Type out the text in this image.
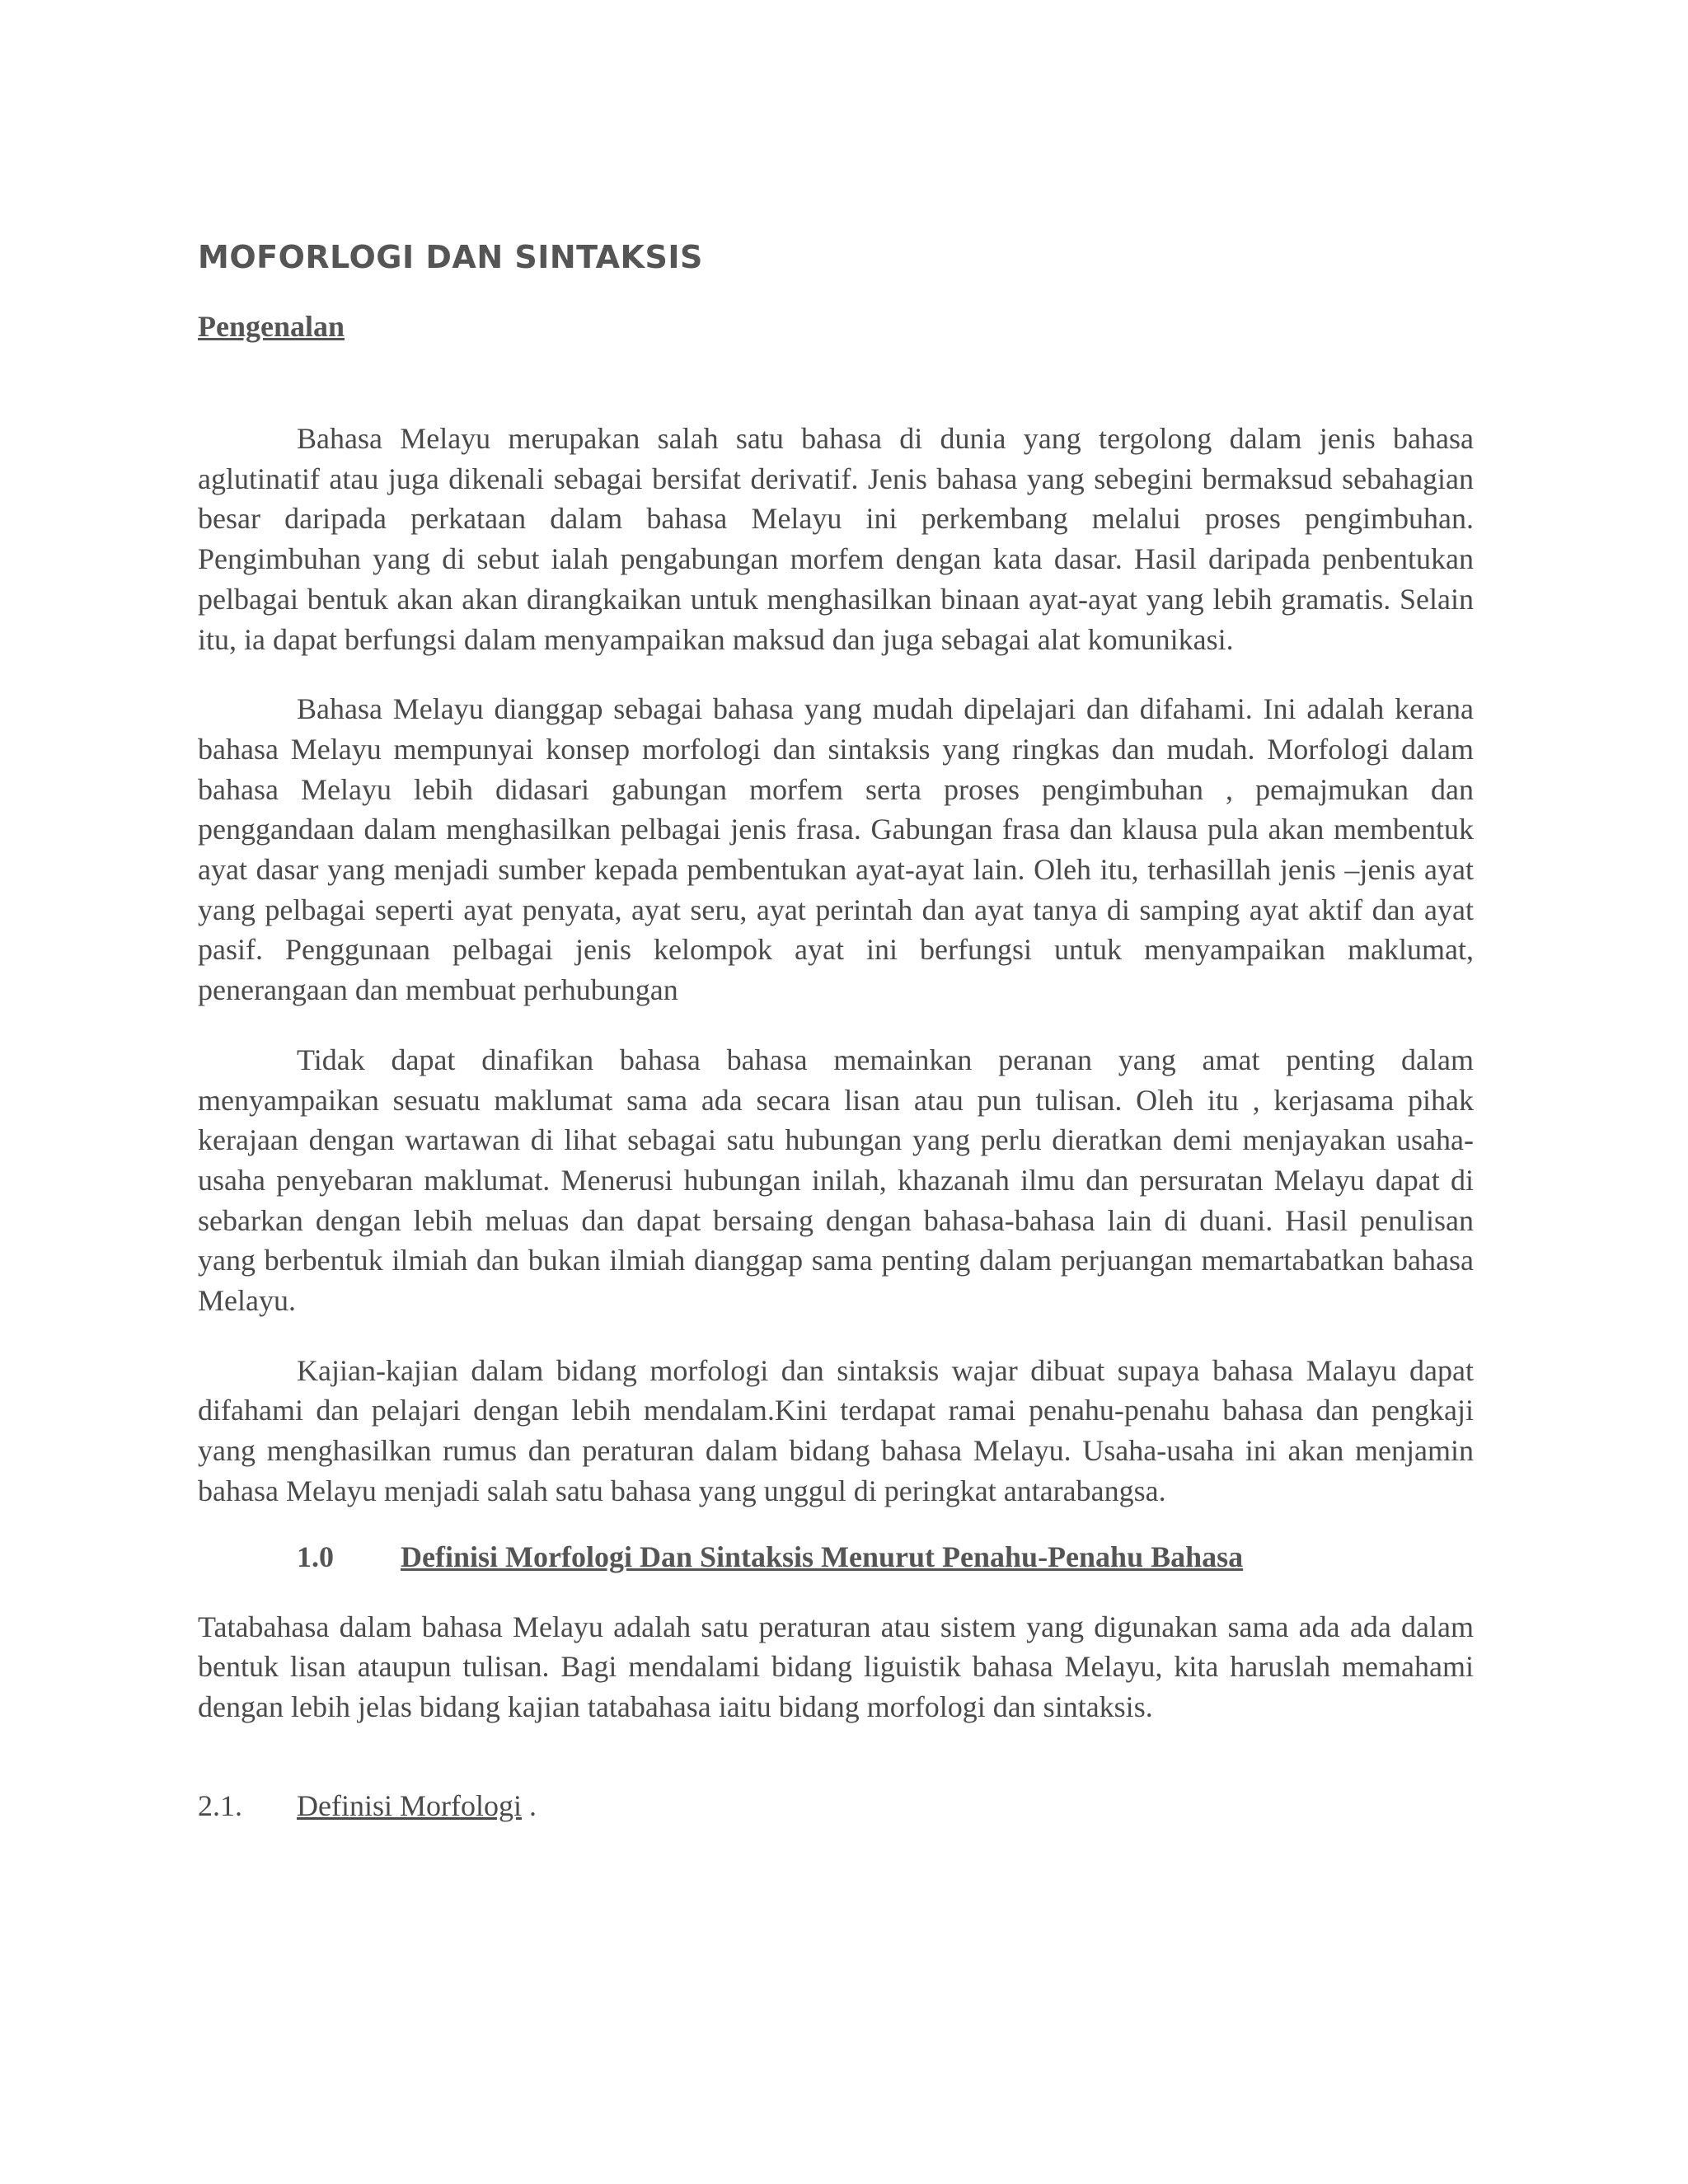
MOFORLOGI DAN SINTAKSIS
Pengenalan

Bahasa Melayu merupakan salah satu bahasa di dunia yang tergolong dalam jenis bahasa aglutinatif atau juga dikenali sebagai bersifat derivatif. Jenis bahasa yang sebegini bermaksud sebahagian besar daripada perkataan dalam bahasa Melayu ini perkembang melalui proses pengimbuhan. Pengimbuhan yang di sebut ialah pengabungan morfem dengan kata dasar. Hasil daripada penbentukan pelbagai bentuk akan akan dirangkaikan untuk menghasilkan binaan ayat-ayat yang lebih gramatis. Selain itu, ia dapat berfungsi dalam menyampaikan maksud dan juga sebagai alat komunikasi.

Bahasa Melayu dianggap sebagai bahasa yang mudah dipelajari dan difahami. Ini adalah kerana bahasa Melayu mempunyai konsep morfologi dan sintaksis yang ringkas dan mudah. Morfologi dalam bahasa Melayu lebih didasari gabungan morfem serta proses pengimbuhan , pemajmukan dan penggandaan dalam menghasilkan pelbagai jenis frasa. Gabungan frasa dan klausa pula akan membentuk ayat dasar yang menjadi sumber kepada pembentukan ayat-ayat lain. Oleh itu, terhasillah jenis –jenis ayat yang pelbagai seperti ayat penyata, ayat seru, ayat perintah dan ayat tanya di samping ayat aktif dan ayat pasif. Penggunaan pelbagai jenis kelompok ayat ini berfungsi untuk menyampaikan maklumat, penerangaan dan membuat perhubungan

Tidak dapat dinafikan bahasa bahasa memainkan peranan yang amat penting dalam menyampaikan sesuatu maklumat sama ada secara lisan atau pun tulisan. Oleh itu , kerjasama pihak kerajaan dengan wartawan di lihat sebagai satu hubungan yang perlu dieratkan demi menjayakan usaha-usaha penyebaran maklumat. Menerusi hubungan inilah, khazanah ilmu dan persuratan Melayu dapat di sebarkan dengan lebih meluas dan dapat bersaing dengan bahasa-bahasa lain di duani. Hasil penulisan yang berbentuk ilmiah dan bukan ilmiah dianggap sama penting dalam perjuangan memartabatkan bahasa Melayu.

Kajian-kajian dalam bidang morfologi dan sintaksis wajar dibuat supaya bahasa Malayu dapat difahami dan pelajari dengan lebih mendalam.Kini terdapat ramai penahu-penahu bahasa dan pengkaji yang menghasilkan rumus dan peraturan dalam bidang bahasa Melayu. Usaha-usaha ini akan menjamin bahasa Melayu menjadi salah satu bahasa yang unggul di peringkat antarabangsa.

1.0	Definisi Morfologi Dan Sintaksis Menurut Penahu-Penahu Bahasa

Tatabahasa dalam bahasa Melayu adalah satu peraturan atau sistem yang digunakan sama ada ada dalam bentuk lisan ataupun tulisan. Bagi mendalami bidang liguistik bahasa Melayu, kita haruslah memahami dengan lebih jelas bidang kajian tatabahasa iaitu bidang morfologi dan sintaksis.

2.1.	Definisi Morfologi .
